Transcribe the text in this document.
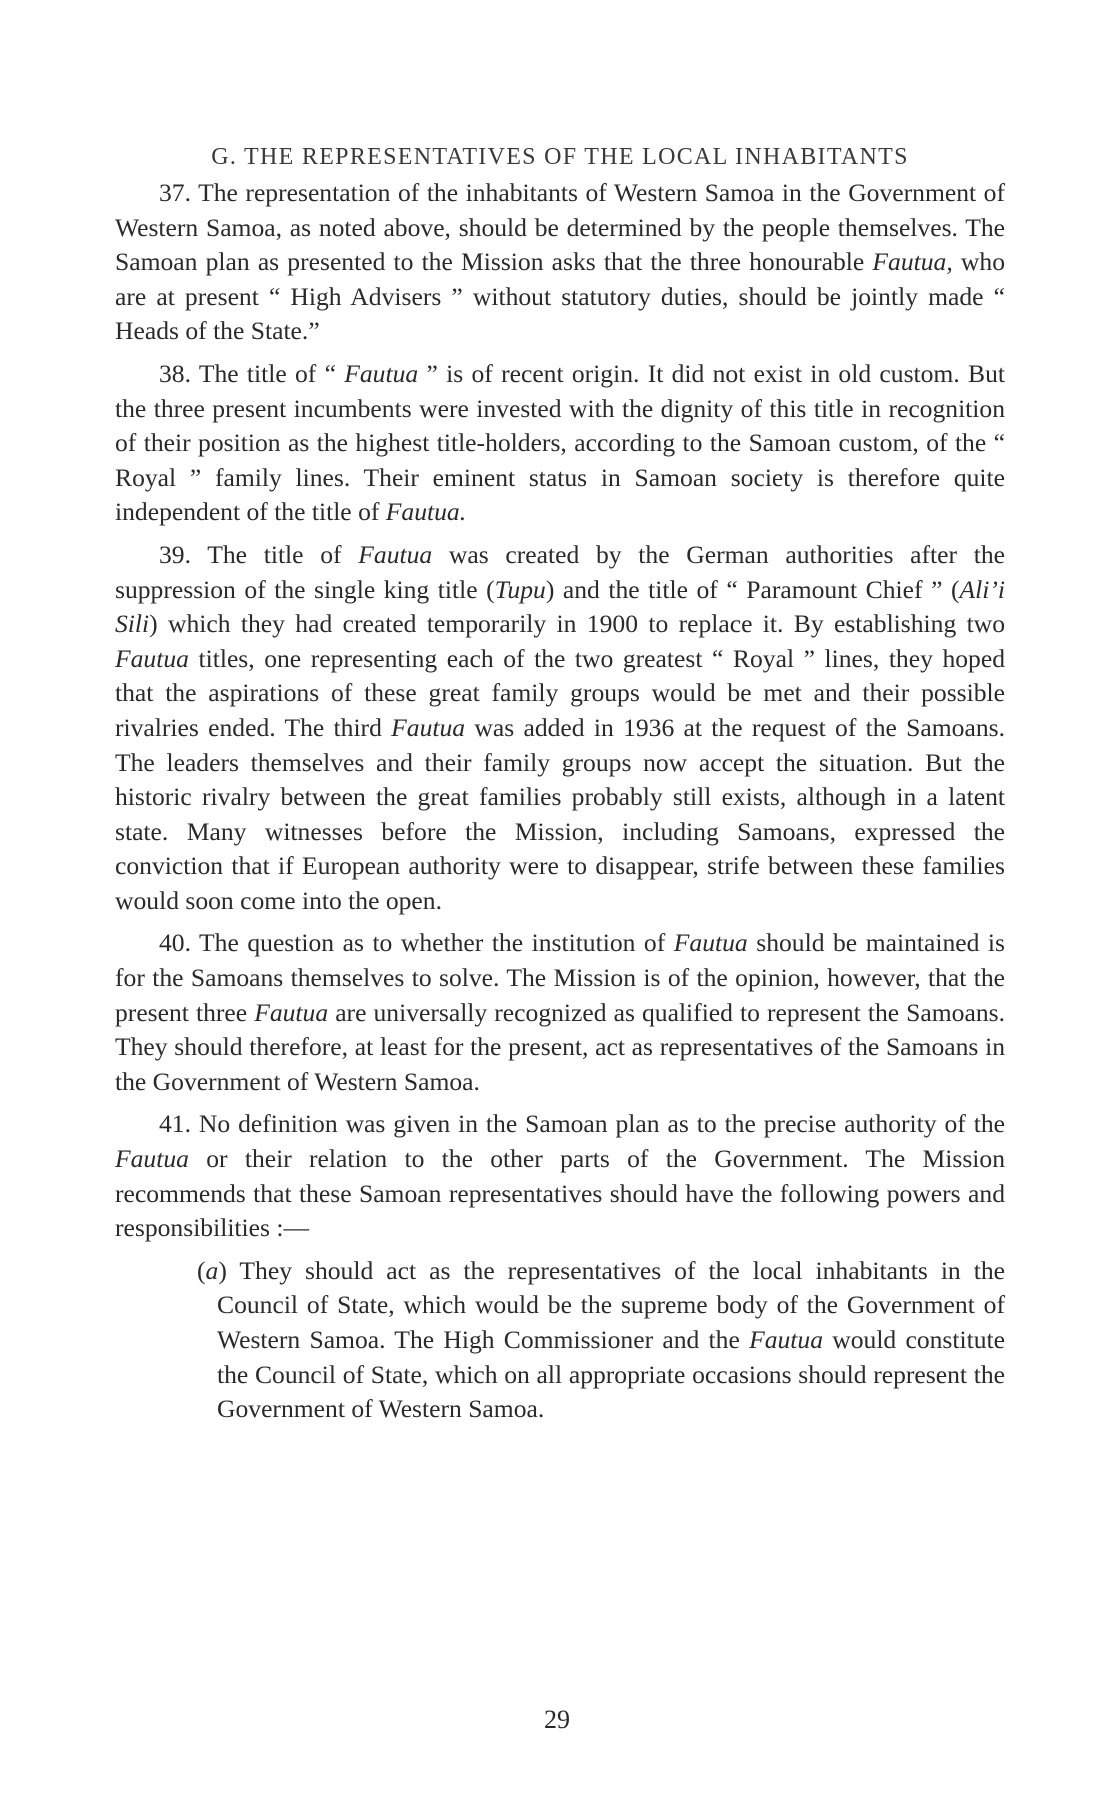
G. THE REPRESENTATIVES OF THE LOCAL INHABITANTS

37. The representation of the inhabitants of Western Samoa in the Government of Western Samoa, as noted above, should be determined by the people themselves. The Samoan plan as presented to the Mission asks that the three honourable Fautua, who are at present “ High Advisers ” without statutory duties, should be jointly made “ Heads of the State.”

38. The title of “ Fautua ” is of recent origin. It did not exist in old custom. But the three present incumbents were invested with the dignity of this title in recognition of their position as the highest title-holders, according to the Samoan custom, of the “ Royal ” family lines. Their eminent status in Samoan society is therefore quite independent of the title of Fautua.

39. The title of Fautua was created by the German authorities after the suppression of the single king title (Tupu) and the title of “ Paramount Chief ” (Ali’i Sili) which they had created temporarily in 1900 to replace it. By establishing two Fautua titles, one representing each of the two greatest “ Royal ” lines, they hoped that the aspirations of these great family groups would be met and their possible rivalries ended. The third Fautua was added in 1936 at the request of the Samoans. The leaders themselves and their family groups now accept the situation. But the historic rivalry between the great families probably still exists, although in a latent state. Many witnesses before the Mission, including Samoans, expressed the conviction that if European authority were to disappear, strife between these families would soon come into the open.

40. The question as to whether the institution of Fautua should be maintained is for the Samoans themselves to solve. The Mission is of the opinion, however, that the present three Fautua are universally recognized as qualified to represent the Samoans. They should therefore, at least for the present, act as representatives of the Samoans in the Government of Western Samoa.

41. No definition was given in the Samoan plan as to the precise authority of the Fautua or their relation to the other parts of the Government. The Mission recommends that these Samoan representatives should have the following powers and responsibilities :—

(a) They should act as the representatives of the local inhabitants in the Council of State, which would be the supreme body of the Government of Western Samoa. The High Commissioner and the Fautua would constitute the Council of State, which on all appropriate occasions should represent the Government of Western Samoa.
29
